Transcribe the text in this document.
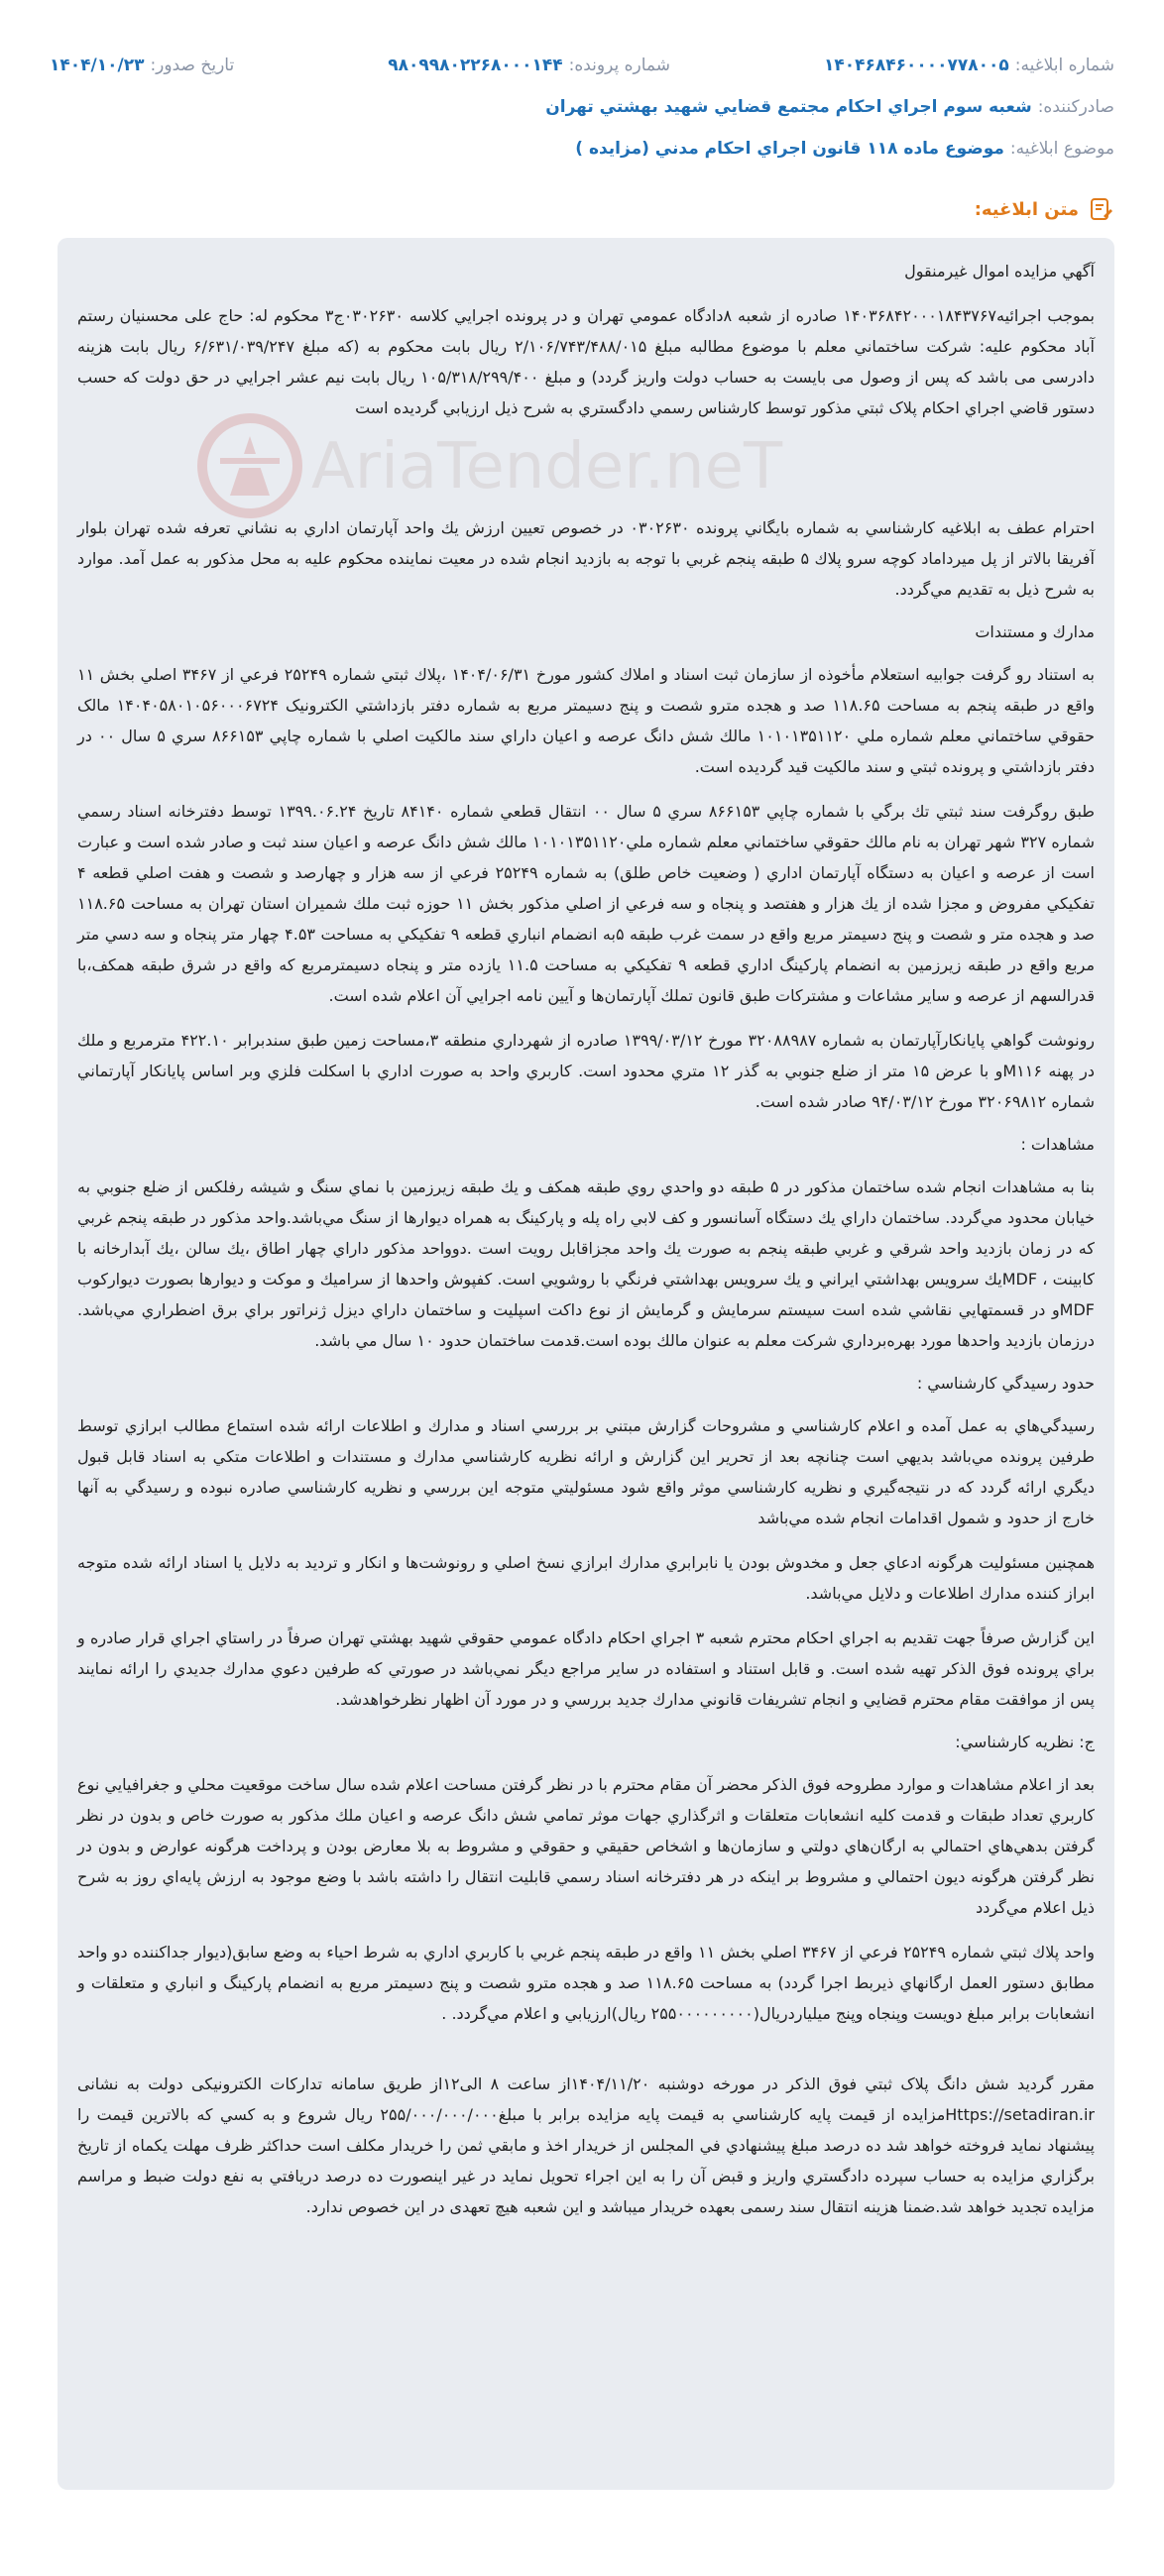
شماره ابلاغيه:
۱۴۰۴۶۸۴۶۰۰۰۰۷۷۸۰۰۵
شماره پرونده:
۹۸۰۹۹۸۰۲۲۶۸۰۰۰۱۴۴
تاريخ صدور:
۱۴۰۴/۱۰/۲۳
صادرکننده:
شعبه سوم اجراي احکام مجتمع قضايي شهيد بهشتي تهران
موضوع ابلاغيه:
موضوع ماده ۱۱۸ قانون اجراي احکام مدني (مزايده )
متن ابلاغيه:
AriaTender.neT

آگهي مزايده اموال غيرمنقول

بموجب اجرائيه۱۴۰۳۶۸۴۲۰۰۰۱۸۴۳۷۶۷ صادره از شعبه ۸دادگاه عمومي تهران و در پرونده اجرايي کلاسه ۰۳۰۲۶۳۰ج۳ محکوم له: حاج علی محسنيان رستم آباد محکوم عليه: شرکت ساختماني معلم با موضوع مطالبه مبلغ ۲/۱۰۶/۷۴۳/۴۸۸/۰۱۵ ريال بابت محکوم به (که مبلغ ۶/۶۳۱/۰۳۹/۲۴۷ ريال بابت هزينه دادرسی می باشد که پس از وصول می بايست به حساب دولت واريز گردد) و مبلغ ۱۰۵/۳۱۸/۲۹۹/۴۰۰ ريال بابت نيم عشر اجرايي در حق دولت که حسب دستور قاضي اجراي احکام پلاک ثبتي مذکور توسط کارشناس رسمي دادگستري به شرح ذيل ارزيابي گرديده است

احترام عطف به ابلاغيه کارشناسي به شماره بايگاني پرونده ۰۳۰۲۶۳۰ در خصوص تعيين ارزش يك واحد آپارتمان اداري به نشاني تعرفه شده تهران بلوار آفريقا بالاتر از پل ميرداماد کوچه سرو پلاك ۵ طبقه پنجم غربي با توجه به بازديد انجام شده در معيت نماينده محكوم عليه به محل مذکور به عمل آمد. موارد به شرح ذيل به تقديم مي‌گردد.

مدارك و مستندات

به استناد رو گرفت جوابيه استعلام مأخوذه از سازمان ثبت اسناد و املاك كشور مورخ ۱۴۰۴/۰۶/۳۱ ،پلاك ثبتي شماره ۲۵۲۴۹ فرعي از ۳۴۶۷ اصلي بخش ۱۱ واقع در طبقه پنجم به مساحت ۱۱۸.۶۵ صد و هجده مترو شصت و پنج دسيمتر مربع به شماره دفتر بازداشتي الکترونيک ۱۴۰۴۰۵۸۰۱۰۵۶۰۰۰۶۷۲۴ مالک حقوقي ساختماني معلم شماره ملي ۱۰۱۰۱۳۵۱۱۲۰ مالك شش دانگ عرصه و اعيان داراي سند مالكيت اصلي با شماره چاپي ۸۶۶۱۵۳ سري ۵ سال ۰۰ در دفتر بازداشتي و پرونده ثبتي و سند مالكيت قيد گرديده است.

طبق روگرفت سند ثبتي تك برگي با شماره چاپي ۸۶۶۱۵۳ سري ۵ سال ۰۰ انتقال قطعي شماره ۸۴۱۴۰ تاريخ ۱۳۹۹.۰۶.۲۴ توسط دفترخانه اسناد رسمي شماره ۳۲۷ شهر تهران به نام مالك حقوقي ساختماني معلم شماره ملي۱۰۱۰۱۳۵۱۱۲۰ مالك شش دانگ عرصه و اعيان سند ثبت و صادر شده است و عبارت است از عرصه و اعيان به دستگاه آپارتمان اداري ( وضعيت خاص طلق) به شماره ۲۵۲۴۹ فرعي از سه هزار و چهارصد و شصت و هفت اصلي قطعه ۴ تفكيكي مفروض و مجزا شده از يك هزار و هفتصد و پنجاه و سه فرعي از اصلي مذكور بخش ۱۱ حوزه ثبت ملك شميران استان تهران به مساحت ۱۱۸.۶۵ صد و هجده متر و شصت و پنج دسيمتر مربع واقع در سمت غرب طبقه ۵به انضمام انباري قطعه ۹ تفكيكي به مساحت ۴.۵۳ چهار متر پنجاه و سه دسي متر مربع واقع در طبقه زيرزمين به انضمام پاركينگ اداري قطعه ۹ تفكيكي به مساحت ۱۱.۵ يازده متر و پنجاه دسيمترمربع كه واقع در شرق طبقه همكف،با قدرالسهم از عرصه و ساير مشاعات و مشتركات طبق قانون تملك آپارتمان‌ها و آيين نامه اجرايي آن اعلام شده است.

رونوشت گواهي پايانكارآپارتمان به شماره ۳۲۰۸۸۹۸۷ مورخ ۱۳۹۹/۰۳/۱۲ صادره از شهرداري منطقه ۳،مساحت زمين طبق سندبرابر ۴۲۲.۱۰ مترمربع و ملك در پهنه M۱۱۶و با عرض ۱۵ متر از ضلع جنوبي به گذر ۱۲ متري محدود است. كاربري واحد به صورت اداري با اسكلت فلزي وبر اساس پايانكار آپارتماني شماره ۳۲۰۶۹۸۱۲ مورخ ۹۴/۰۳/۱۲ صادر شده است.

مشاهدات :

بنا به مشاهدات انجام شده ساختمان مذكور در ۵ طبقه دو واحدي روي طبقه همكف و يك طبقه زيرزمين با نماي سنگ و شيشه رفلكس از ضلع جنوبي به خيابان محدود مي‌گردد. ساختمان داراي يك دستگاه آسانسور و كف لابي راه پله و پاركينگ به همراه ديوارها از سنگ مي‌باشد.واحد مذكور در طبقه پنجم غربي كه در زمان بازديد واحد شرقي و غربي طبقه پنجم به صورت يك واحد مجزاقابل رويت است .دوواحد مذكور داراي چهار اطاق ،يك سالن ،يك آبدارخانه با كابينت ، MDFيك سرويس بهداشتي ايراني و يك سرويس بهداشتي فرنگي با روشويي است. كفپوش واحدها از سراميك و موكت و ديوارها بصورت ديواركوب MDFو در قسمتهايي نقاشي شده است سيستم سرمايش و گرمايش از نوع داكت اسپليت و ساختمان داراي ديزل ژنراتور براي برق اضطراري مي‌باشد. درزمان بازديد واحدها مورد بهره‌برداري شركت معلم به عنوان مالك بوده است.قدمت ساختمان حدود ۱۰ سال مي باشد.

حدود رسيدگي كارشناسي :

رسيدگي‌هاي به عمل آمده و اعلام كارشناسي و مشروحات گزارش مبتني بر بررسي اسناد و مدارك و اطلاعات ارائه شده استماع مطالب ابرازي توسط طرفين پرونده مي‌باشد بديهي است چنانچه بعد از تحرير اين گزارش و ارائه نظريه كارشناسي مدارك و مستندات و اطلاعات متكي به اسناد قابل قبول ديگري ارائه گردد كه در نتيجه‌گيري و نظريه كارشناسي موثر واقع شود مسئوليتي متوجه اين بررسي و نظريه كارشناسي صادره نبوده و رسيدگي به آنها خارج از حدود و شمول اقدامات انجام شده مي‌باشد

همچنين مسئوليت هرگونه ادعاي جعل و مخدوش بودن يا نابرابري مدارك ابرازي نسخ اصلي و رونوشت‌ها و انكار و ترديد به دلايل يا اسناد ارائه شده متوجه ابراز كننده مدارك اطلاعات و دلايل مي‌باشد.

اين گزارش صرفاً جهت تقديم به اجراي احكام محترم شعبه ۳ اجراي احكام دادگاه عمومي حقوقي شهيد بهشتي تهران صرفاً در راستاي اجراي قرار صادره و براي پرونده فوق الذكر تهيه شده است. و قابل استناد و استفاده در ساير مراجع ديگر نمي‌باشد در صورتي كه طرفين دعوي مدارك جديدي را ارائه نمايند پس از موافقت مقام محترم قضايي و انجام تشريفات قانوني مدارك جديد بررسي و در مورد آن اظهار نظرخواهدشد.

ج: نظريه كارشناسي:

بعد از اعلام مشاهدات و موارد مطروحه فوق الذكر محضر آن مقام محترم با در نظر گرفتن مساحت اعلام شده سال ساخت موقعيت محلي و جغرافيايي نوع كاربري تعداد طبقات و قدمت كليه انشعابات متعلقات و اثرگذاري جهات موثر تمامي شش دانگ عرصه و اعيان ملك مذكور به صورت خاص و بدون در نظر گرفتن بدهي‌هاي احتمالي به ارگان‌هاي دولتي و سازمان‌ها و اشخاص حقيقي و حقوقي و مشروط به بلا معارض بودن و پرداخت هرگونه عوارض و بدون در نظر گرفتن هرگونه ديون احتمالي و مشروط بر اينكه در هر دفترخانه اسناد رسمي قابليت انتقال را داشته باشد با وضع موجود به ارزش پايه‌اي روز به شرح ذيل اعلام مي‌گردد

واحد پلاك ثبتي شماره ۲۵۲۴۹ فرعي از ۳۴۶۷ اصلي بخش ۱۱ واقع در طبقه پنجم غربي با كاربري اداري به شرط احياء به وضع سابق(ديوار جداكننده دو واحد مطابق دستور العمل ارگانهاي ذيربط اجرا گردد) به مساحت ۱۱۸.۶۵ صد و هجده مترو شصت و پنج دسيمتر مربع به انضمام پاركينگ و انباري و متعلقات و انشعابات برابر مبلغ دويست وپنجاه وپنج ميليارد‌ريال(۲۵۵۰۰۰۰۰۰۰۰۰ ريال)ارزيابي و اعلام مي‌گردد. .

مقرر گرديد شش دانگ پلاک ثبتي فوق الذکر در مورخه دوشنبه ۱۴۰۴/۱۱/۲۰از ساعت ۸ الی۱۲از طريق سامانه تدارکات الکترونيکی دولت به نشانی Https://setadiran.irمزايده از قيمت پايه کارشناسي به قيمت پايه مزايده برابر با مبلغ۲۵۵/۰۰۰/۰۰۰/۰۰۰ ريال شروع و به کسي که بالاترين قيمت را پيشنهاد نمايد فروخته خواهد شد ده درصد مبلغ پيشنهادي في المجلس از خريدار اخذ و مابقي ثمن را خريدار مکلف است حداکثر ظرف مهلت يکماه از تاريخ برگزاري مزايده به حساب سپرده دادگستري واريز و قبض آن را به اين اجراء تحويل نمايد در غير اينصورت ده درصد دريافتي به نفع دولت ضبط و مراسم مزايده تجديد خواهد شد.ضمنا هزينه انتقال سند رسمی بعهده خريدار ميباشد و اين شعبه هيچ تعهدی در اين خصوص ندارد.
